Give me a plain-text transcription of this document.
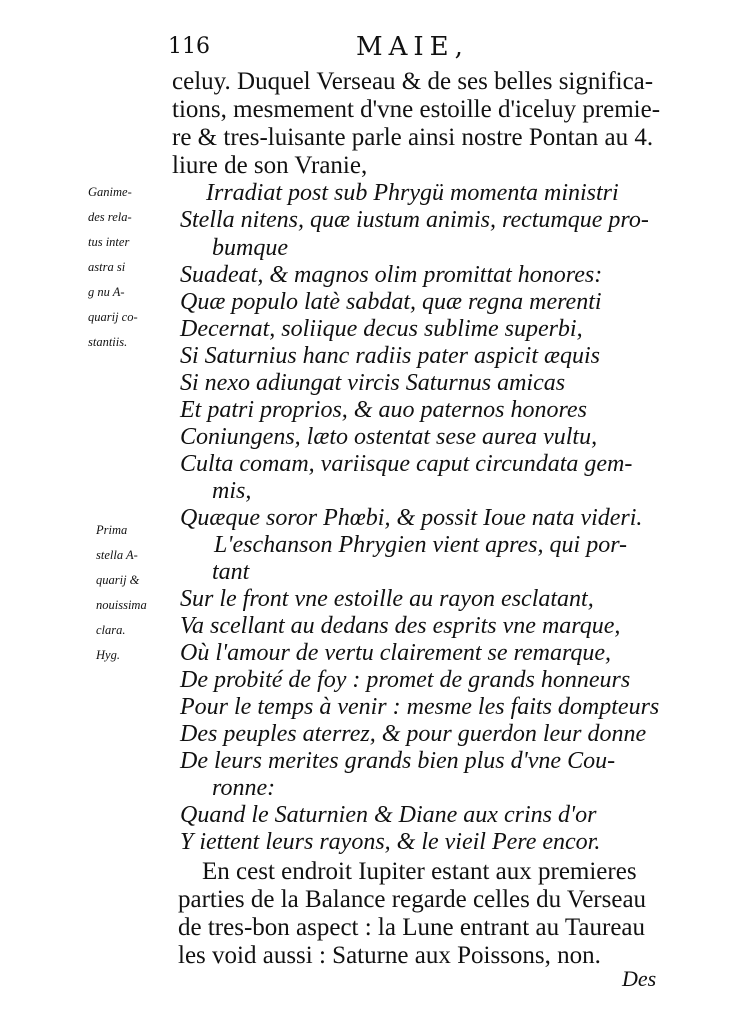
116	MAIE,
celuy. Duquel Verseau & de ses belles significa-
tions, mesmement d'vne estoille d'iceluy premie-
re & tres-luisante parle ainsi nostre Pontan au 4.
liure de son Vranie,
Irradiat post sub Phrygü momenta ministri
Stella nitens, quæ iustum animis, rectumque pro-
bumque
Suadeat, & magnos olim promittat honores:
Quæ populo latè sabdat, quæ regna merenti
Decernat, soliique decus sublime superbi,
Si Saturnius hanc radiis pater aspicit æquis
Si nexo adiungat vircis Saturnus amicas
Et patri proprios, & auo paternos honores
Coniungens, læto ostentat sese aurea vultu,
Culta comam, variisque caput circundata gem-
mis,
Quæque soror Phœbi, & possit Ioue nata videri.
L'eschanson Phrygien vient apres, qui por-
tant
Sur le front vne estoille au rayon esclatant,
Va scellant au dedans des esprits vne marque,
Où l'amour de vertu clairement se remarque,
De probité de foy : promet de grands honneurs
Pour le temps à venir : mesme les faits dompteurs
Des peuples aterrez, & pour guerdon leur donne
De leurs merites grands bien plus d'vne Cou-
ronne:
Quand le Saturnien & Diane aux crins d'or
Y iettent leurs rayons, & le vieil Pere encor.
En cest endroit Iupiter estant aux premieres
parties de la Balance regarde celles du Verseau
de tres-bon aspect : la Lune entrant au Taureau
les void aussi : Saturne aux Poissons, non.
Ganime-
des rela-
tus inter
astra si
g nu A-
quarij co-
stantiis.
Prima
stella A-
quarij &
nouissima
clara.
Hyg.
Des
